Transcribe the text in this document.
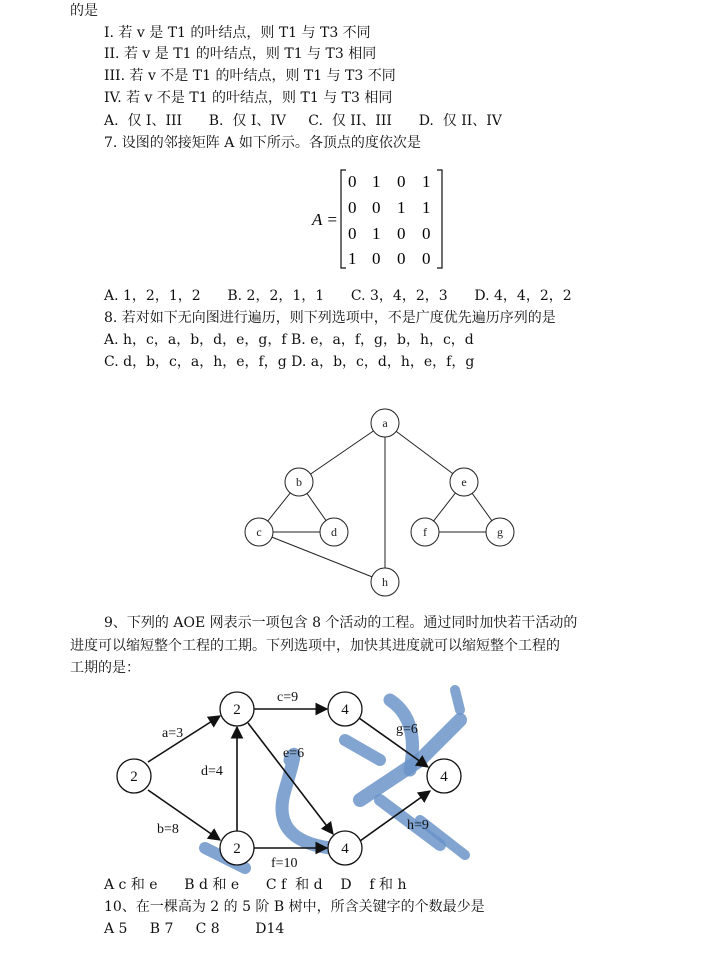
的是
I. 若 v 是 T1 的叶结点，则 T1 与 T3 不同
II. 若 v 是 T1 的叶结点，则 T1 与 T3 相同
III. 若 v 不是 T1 的叶结点，则 T1 与 T3 不同
IV. 若 v 不是 T1 的叶结点，则 T1 与 T3 相同
A.  仅 I、III B.  仅 I、IV C.  仅 II、III D.  仅 II、IV
7. 设图的邻接矩阵 A 如下所示。各顶点的度依次是
A =
0 1 0 1
0 0 1 1
0 1 0 0
1 0 0 0
A. 1，2，1，2 B. 2，2，1，1 C. 3，4，2，3 D. 4，4，2，2
8. 若对如下无向图进行遍历，则下列选项中，不是广度优先遍历序列的是
A. h，c，a，b，d，e，g，f B. e，a，f，g，b，h，c，d
C. d，b，c，a，h，e，f，g D. a，b，c，d，h，e，f，g
a
b
c	d
e
f	g
h
9、下列的 AOE 网表示一项包含 8 个活动的工程。通过同时加快若干活动的
进度可以缩短整个工程的工期。下列选项中，加快其进度就可以缩短整个工程的
工期的是：
2
2	4
2	4
4
a=3
b=8
c=9
d=4
e=6
f=10
g=6
h=9
A c 和 e      B d 和 e      C f  和 d    D    f 和 h
10、在一棵高为 2 的 5 阶 B 树中，所含关键字的个数最少是
A 5     B 7     C 8        D14
